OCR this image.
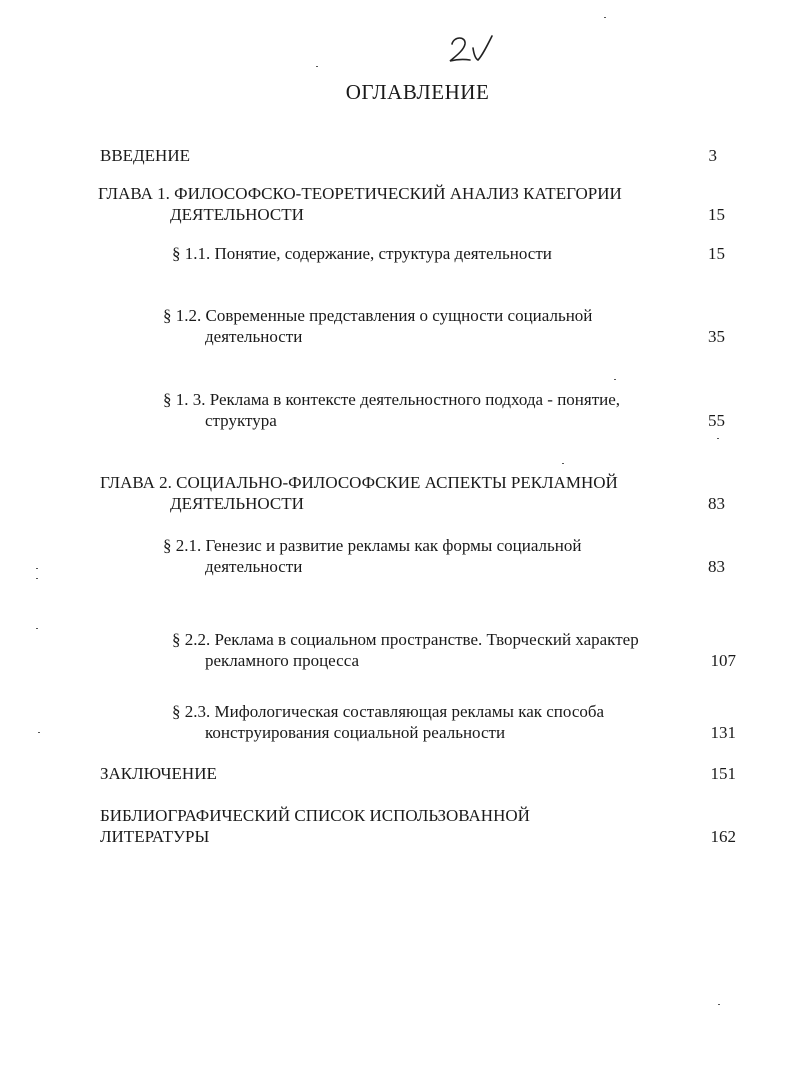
2
ОГЛАВЛЕНИЕ
ВВЕДЕНИЕ	3
ГЛАВА 1. ФИЛОСОФСКО-ТЕОРЕТИЧЕСКИЙ АНАЛИЗ КАТЕГОРИИ
ДЕЯТЕЛЬНОСТИ	15
§ 1.1. Понятие, содержание, структура деятельности	15
§ 1.2. Современные представления о сущности социальной
деятельности	35
§ 1. 3. Реклама в контексте деятельностного подхода - понятие,
структура	55
ГЛАВА 2. СОЦИАЛЬНО-ФИЛОСОФСКИЕ АСПЕКТЫ РЕКЛАМНОЙ
ДЕЯТЕЛЬНОСТИ	83
§ 2.1. Генезис и развитие рекламы как формы социальной
деятельности	83
§ 2.2. Реклама в социальном пространстве. Творческий характер
рекламного процесса	107
§ 2.3. Мифологическая составляющая рекламы как способа
конструирования социальной реальности	131
ЗАКЛЮЧЕНИЕ	151
БИБЛИОГРАФИЧЕСКИЙ СПИСОК ИСПОЛЬЗОВАННОЙ
ЛИТЕРАТУРЫ	162
